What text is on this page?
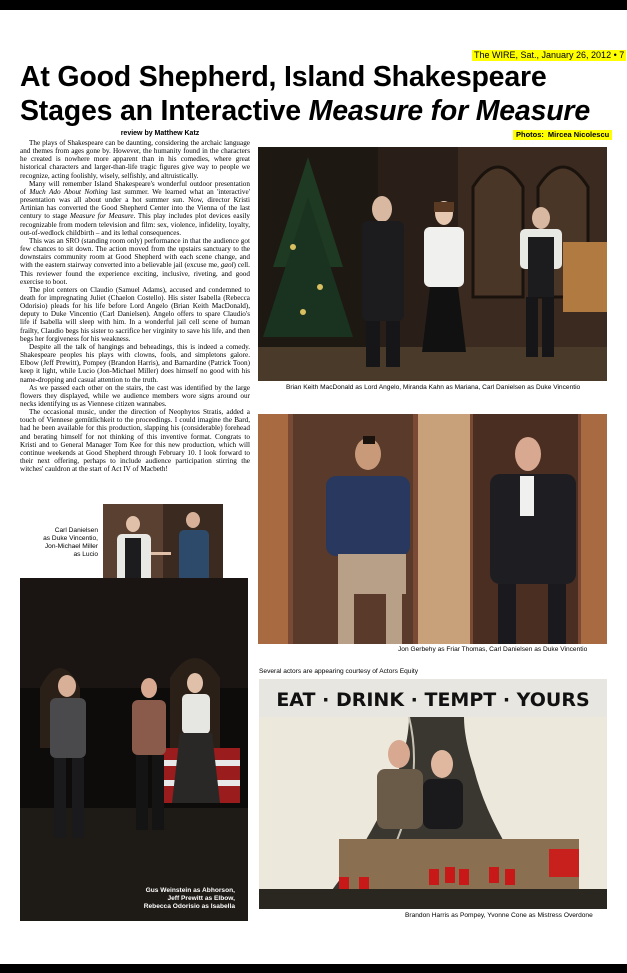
The WIRE, Sat., January 26, 2012 • 7
At Good Shepherd, Island Shakespeare
Stages an Interactive Measure for Measure
review by Matthew Katz	Photos: Mircea Nicolescu

The plays of Shakespeare can be daunting, considering the archaic language and themes from ages gone by. However, the humanity found in the characters he created is nowhere more apparent than in his comedies, where great historical characters and larger-than-life tragic figures give way to people we recognize, acting foolishly, wisely, selfishly, and altruistically.

Many will remember Island Shakespeare's wonderful outdoor presentation of Much Ado About Nothing last summer. We learned what an 'interactive' presentation was all about under a hot summer sun. Now, director Kristi Artinian has converted the Good Shepherd Center into the Vienna of the last century to stage Measure for Measure. This play includes plot devices easily recognizable from modern television and film: sex, violence, infidelity, loyalty, out-of-wedlock childbirth – and its lethal consequences.

This was an SRO (standing room only) performance in that the audience got few chances to sit down. The action moved from the upstairs sanctuary to the downstairs community room at Good Shepherd with each scene change, and with the eastern stairway converted into a believable jail (excuse me, gaol) cell. This reviewer found the experience exciting, inclusive, riveting, and good exercise to boot.

The plot centers on Claudio (Samuel Adams), accused and condemned to death for impregnating Juliet (Chaelon Costello). His sister Isabella (Rebecca Odorisio) pleads for his life before Lord Angelo (Brian Keith MacDonald), deputy to Duke Vincentio (Carl Danielsen). Angelo offers to spare Claudio's life if Isabella will sleep with him. In a wonderful jail cell scene of human frailty, Claudio begs his sister to sacrifice her virginity to save his life, and then begs her forgiveness for his weakness.

Despite all the talk of hangings and beheadings, this is indeed a comedy. Shakespeare peoples his plays with clowns, fools, and simpletons galore. Elbow (Jeff Prewitt), Pompey (Brandon Harris), and Barnardine (Patrick Toon) keep it light, while Lucio (Jon-Michael Miller) does himself no good with his name-dropping and casual attention to the truth.

As we passed each other on the stairs, the cast was identified by the large flowers they displayed, while we audience members wore signs around our necks identifying us as Viennese citizen wannabes.

The occasional music, under the direction of Neophytos Stratis, added a touch of Viennese gemütlichkeit to the proceedings. I could imagine the Bard, had he been available for this production, slapping his (considerable) forehead and berating himself for not thinking of this inventive format. Congrats to Kristi and to General Manager Tom Kee for this new production, which will continue weekends at Good Shepherd through February 10. I look forward to their next offering, perhaps to include audience participation stirring the witches' cauldron at the start of Act IV of Macbeth!

Brian Keith MacDonald as Lord Angelo, Miranda Kahn as Mariana, Carl Danielsen as Duke Vincentio
Jon Gerbehy as Friar Thomas, Carl Danielsen as Duke Vincentio
Several actors are appearing courtesy of Actors Equity
EAT · DRINK · TEMPT · YOURS
Brandon Harris as Pompey, Yvonne Cone as Mistress Overdone
Carl Danielsen
as Duke Vincentio,
Jon-Michael Miller
as Lucio
Gus Weinstein as Abhorson,
Jeff Prewitt as Elbow,
Rebecca Odorisio as Isabella
